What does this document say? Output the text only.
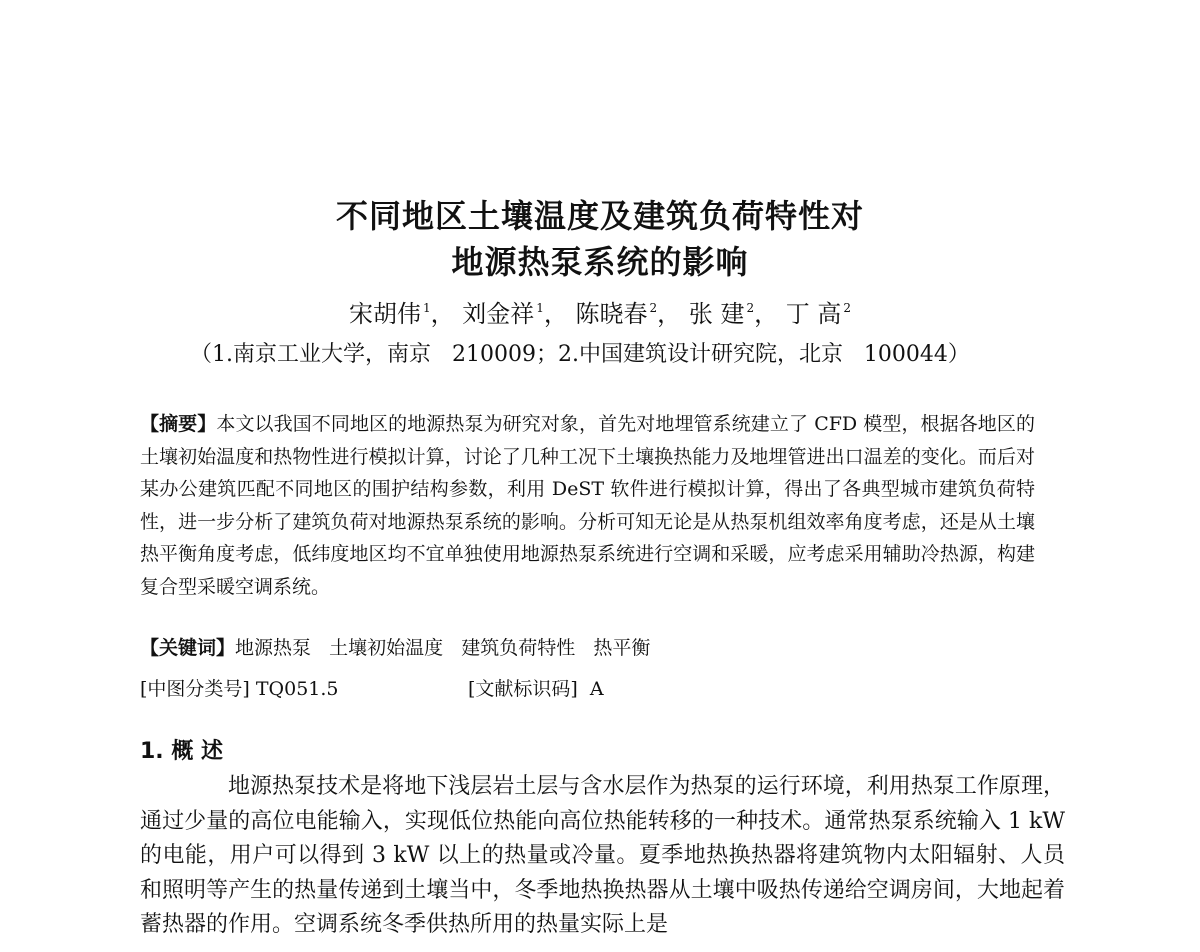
不同地区土壤温度及建筑负荷特性对
地源热泵系统的影响
宋胡伟 $^1$， 刘金祥 $^1$， 陈晓春 $^2$， 张 建 $^2$， 丁 高 $^2$
（1.南京工业大学，南京   210009；2.中国建筑设计研究院，北京   100044）
【摘要】本文以我国不同地区的地源热泵为研究对象，首先对地埋管系统建立了 CFD 模型，根据各地区的土壤初始温度和热物性进行模拟计算，讨论了几种工况下土壤换热能力及地埋管进出口温差的变化。而后对某办公建筑匹配不同地区的围护结构参数，利用 DeST 软件进行模拟计算，得出了各典型城市建筑负荷特性，进一步分析了建筑负荷对地源热泵系统的影响。分析可知无论是从热泵机组效率角度考虑，还是从土壤热平衡角度考虑，低纬度地区均不宜单独使用地源热泵系统进行空调和采暖，应考虑采用辅助冷热源，构建复合型采暖空调系统。
【关键词】地源热泵   土壤初始温度   建筑负荷特性   热平衡
[中图分类号] TQ051.5	[文献标识码]  A
1. 概 述
地源热泵技术是将地下浅层岩土层与含水层作为热泵的运行环境，利用热泵工作原理，通过少量的高位电能输入，实现低位热能向高位热能转移的一种技术。通常热泵系统输入 1 kW 的电能，用户可以得到 3 kW 以上的热量或冷量。夏季地热换热器将建筑物内太阳辐射、人员和照明等产生的热量传递到土壤当中，冬季地热换热器从土壤中吸热传递给空调房间，大地起着蓄热器的作用。空调系统冬季供热所用的热量实际上是
